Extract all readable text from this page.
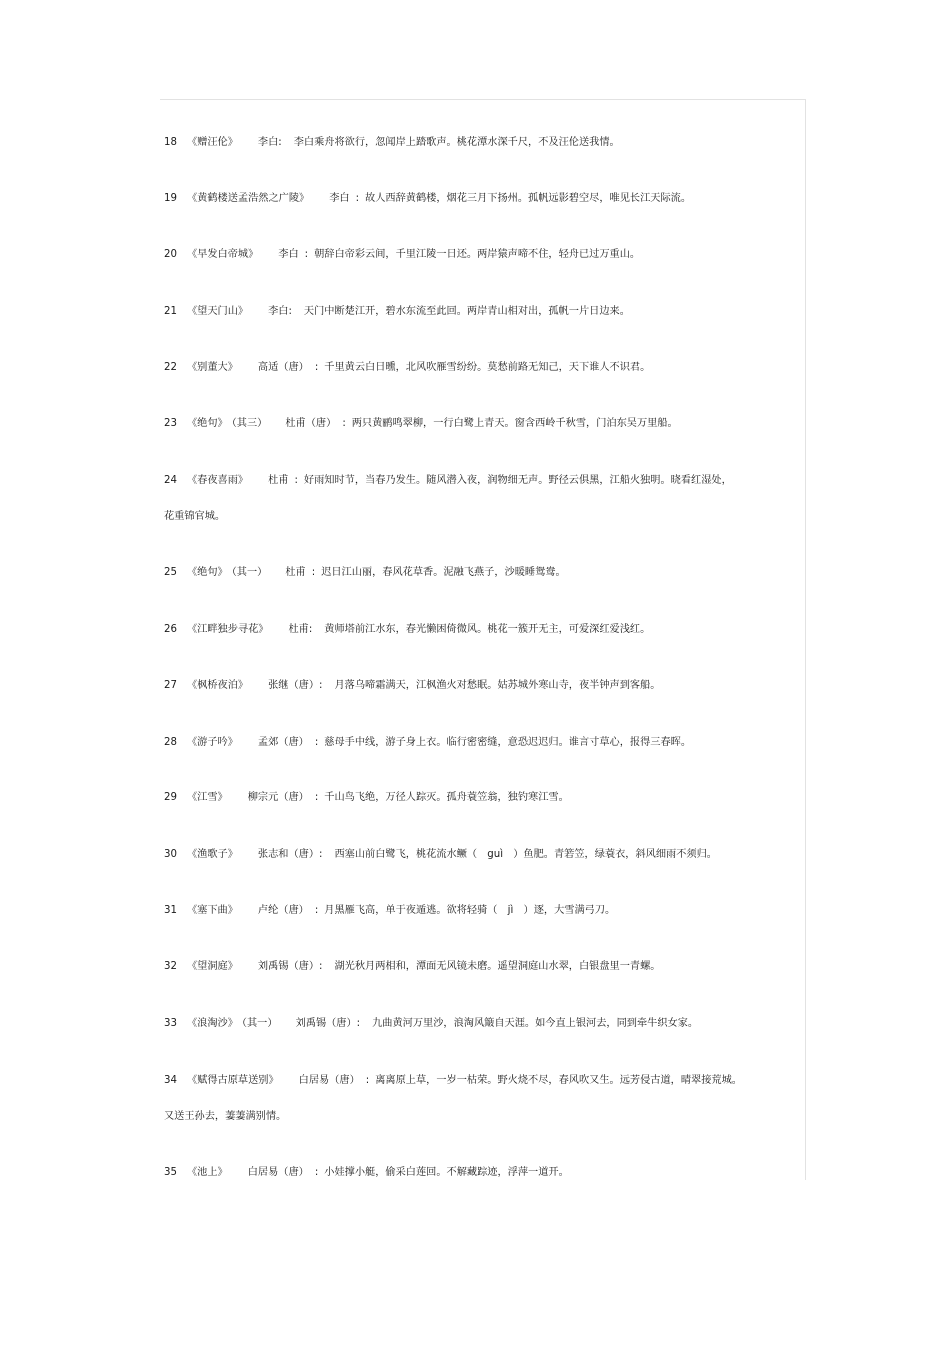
18 《赠汪伦》 李白: 李白乘舟将欲行，忽闻岸上踏歌声。桃花潭水深千尺，不及汪伦送我情。
19 《黄鹤楼送孟浩然之广陵》 李白 : 故人西辞黄鹤楼，烟花三月下扬州。孤帆远影碧空尽，唯见长江天际流。
20 《早发白帝城》 李白 : 朝辞白帝彩云间，千里江陵一日还。两岸猿声啼不住，轻舟已过万重山。
21 《望天门山》 李白: 天门中断楚江开，碧水东流至此回。两岸青山相对出，孤帆一片日边来。
22 《别董大》 高适（唐） : 千里黄云白日曛，北风吹雁雪纷纷。莫愁前路无知己，天下谁人不识君。
23 《绝句》 （其三） 杜甫（唐） : 两只黄鹂鸣翠柳，一行白鹭上青天。窗含西岭千秋雪，门泊东吴万里船。
24 《春夜喜雨》 杜甫 : 好雨知时节，当春乃发生。随风潜入夜，润物细无声。野径云俱黑，江船火独明。晓看红湿处，
花重锦官城。
25 《绝句》 （其一） 杜甫 : 迟日江山丽，春风花草香。泥融飞燕子，沙暖睡鸳鸯。
26 《江畔独步寻花》 杜甫: 黄师塔前江水东，春光懒困倚微风。桃花一簇开无主，可爱深红爱浅红。
27 《枫桥夜泊》 张继（唐）: 月落乌啼霜满天，江枫渔火对愁眠。姑苏城外寒山寺，夜半钟声到客船。
28 《游子吟》 孟郊（唐） : 慈母手中线，游子身上衣。临行密密缝，意恐迟迟归。谁言寸草心，报得三春晖。
29 《江雪》 柳宗元（唐） : 千山鸟飞绝，万径人踪灭。孤舟蓑笠翁，独钓寒江雪。
30 《渔歌子》 张志和（唐）: 西塞山前白鹭飞，桃花流水鳜（　guì　）鱼肥。青箬笠，绿蓑衣，斜风细雨不须归。
31 《塞下曲》 卢纶（唐） : 月黑雁飞高，单于夜遁逃。欲将轻骑（　jì　）逐，大雪满弓刀。
32 《望洞庭》 刘禹锡（唐）: 湖光秋月两相和，潭面无风镜未磨。遥望洞庭山水翠，白银盘里一青螺。
33 《浪淘沙》 （其一） 刘禹锡（唐）: 九曲黄河万里沙，浪淘风簸自天涯。如今直上银河去，同到牵牛织女家。
34 《赋得古原草送别》 白居易（唐） : 离离原上草，一岁一枯荣。野火烧不尽，春风吹又生。远芳侵古道，晴翠接荒城。
又送王孙去，萋萋满别情。
35 《池上》 白居易（唐） : 小娃撑小艇，偷采白莲回。不解藏踪迹，浮萍一道开。
